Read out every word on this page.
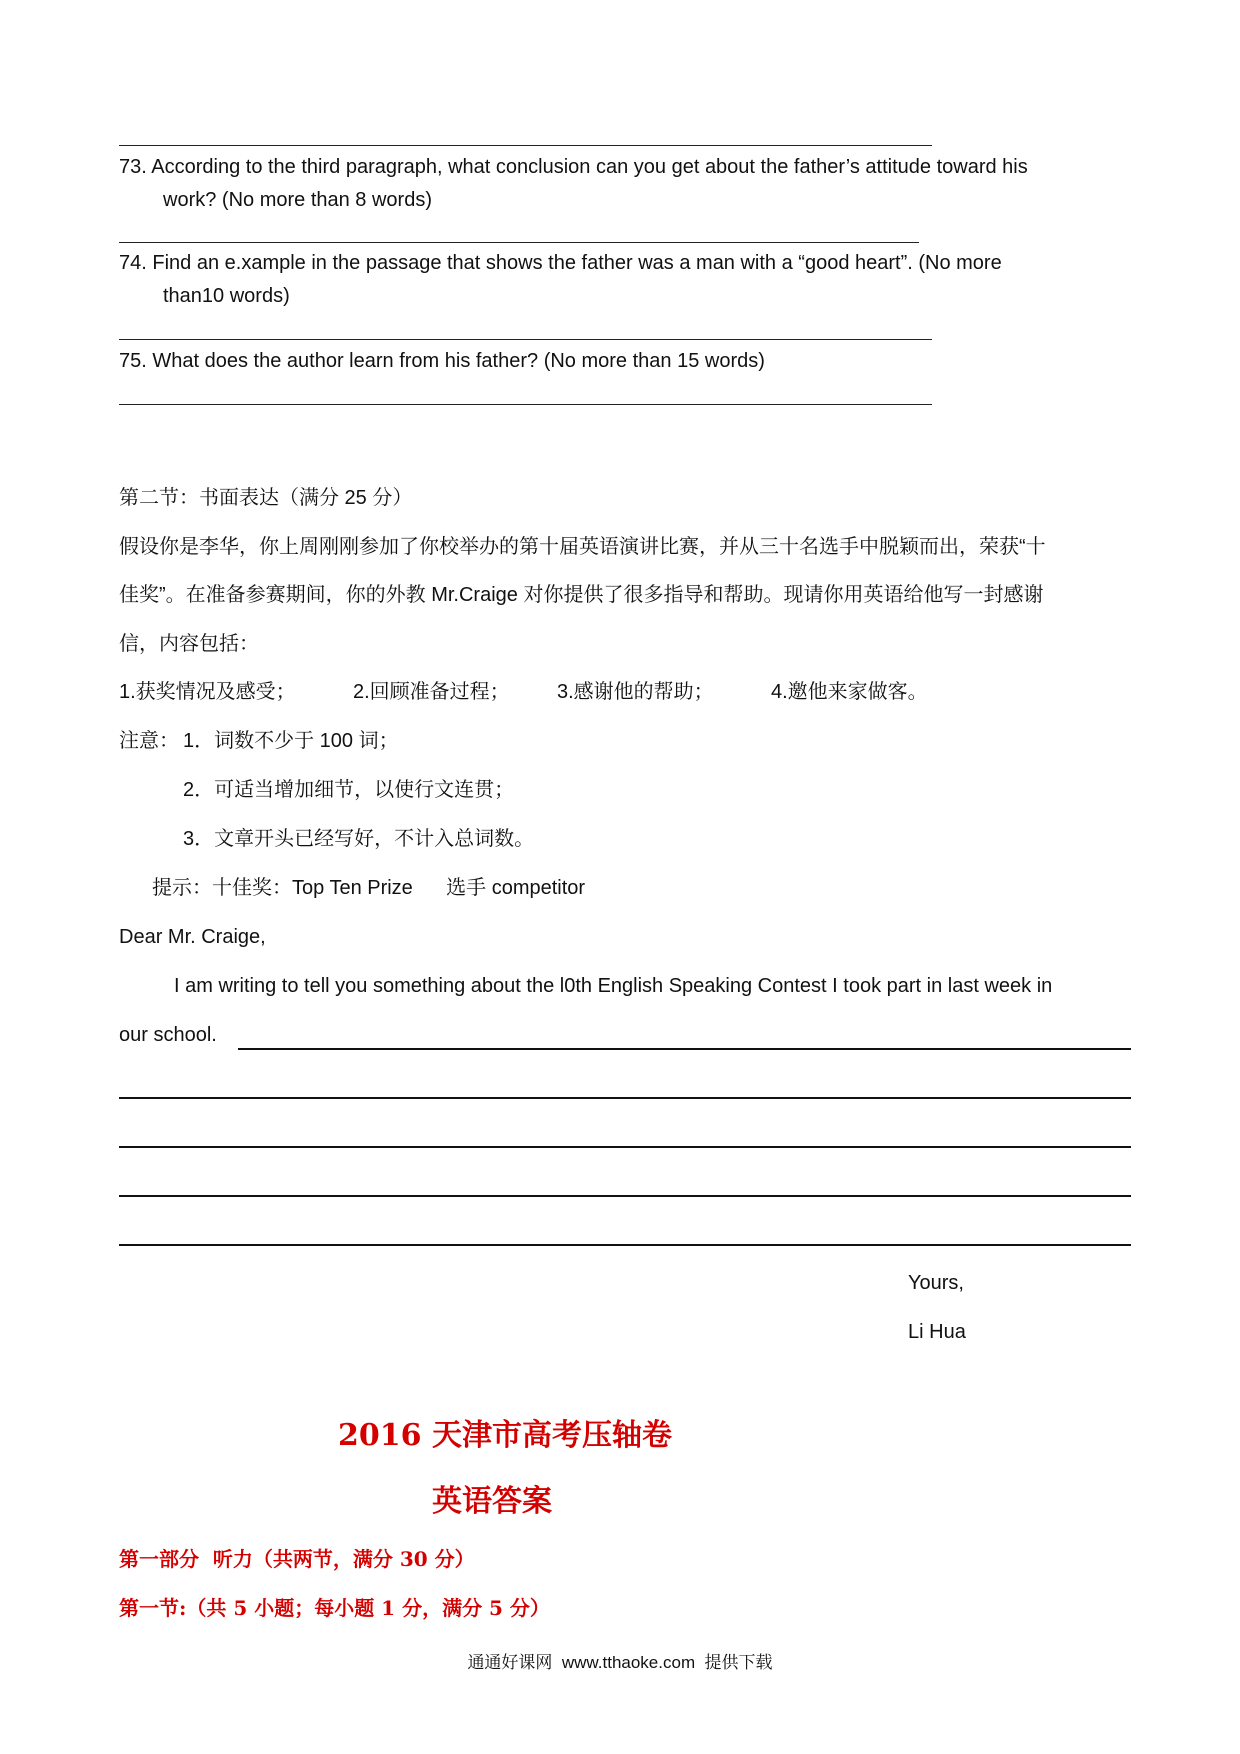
73. According to the third paragraph, what conclusion can you get about the father’s attitude toward his
work? (No more than 8 words)
74. Find an e.xample in the passage that shows the father was a man with a “good heart”. (No more
than10 words)
75. What does the author learn from his father? (No more than 15 words)
第二节：书面表达（满分 25 分）
假设你是李华，你上周刚刚参加了你校举办的第十届英语演讲比赛，并从三十名选手中脱颖而出，荣获“十
佳奖”。在准备参赛期间，你的外教 Mr.Craige 对你提供了很多指导和帮助。现请你用英语给他写一封感谢
信，内容包括：
1.获奖情况及感受；	2.回顾准备过程； 3.感谢他的帮助；	4.邀他来家做客。
注意： 1．词数不少于 100 词；
2．可适当增加细节，以使行文连贯；
3．文章开头已经写好，不计入总词数。
提示：十佳奖：Top Ten Prize      选手 competitor
Dear Mr. Craige,
I am writing to tell you something about the l0th English Speaking Contest I took part in last week in
our school.
Yours,
Li Hua
2016 天津市高考压轴卷
英语答案
第一部分  听力（共两节，满分 30 分）
第一节:（共 5 小题；每小题 1 分，满分 5 分）
通通好课网  www.tthaoke.com  提供下载
